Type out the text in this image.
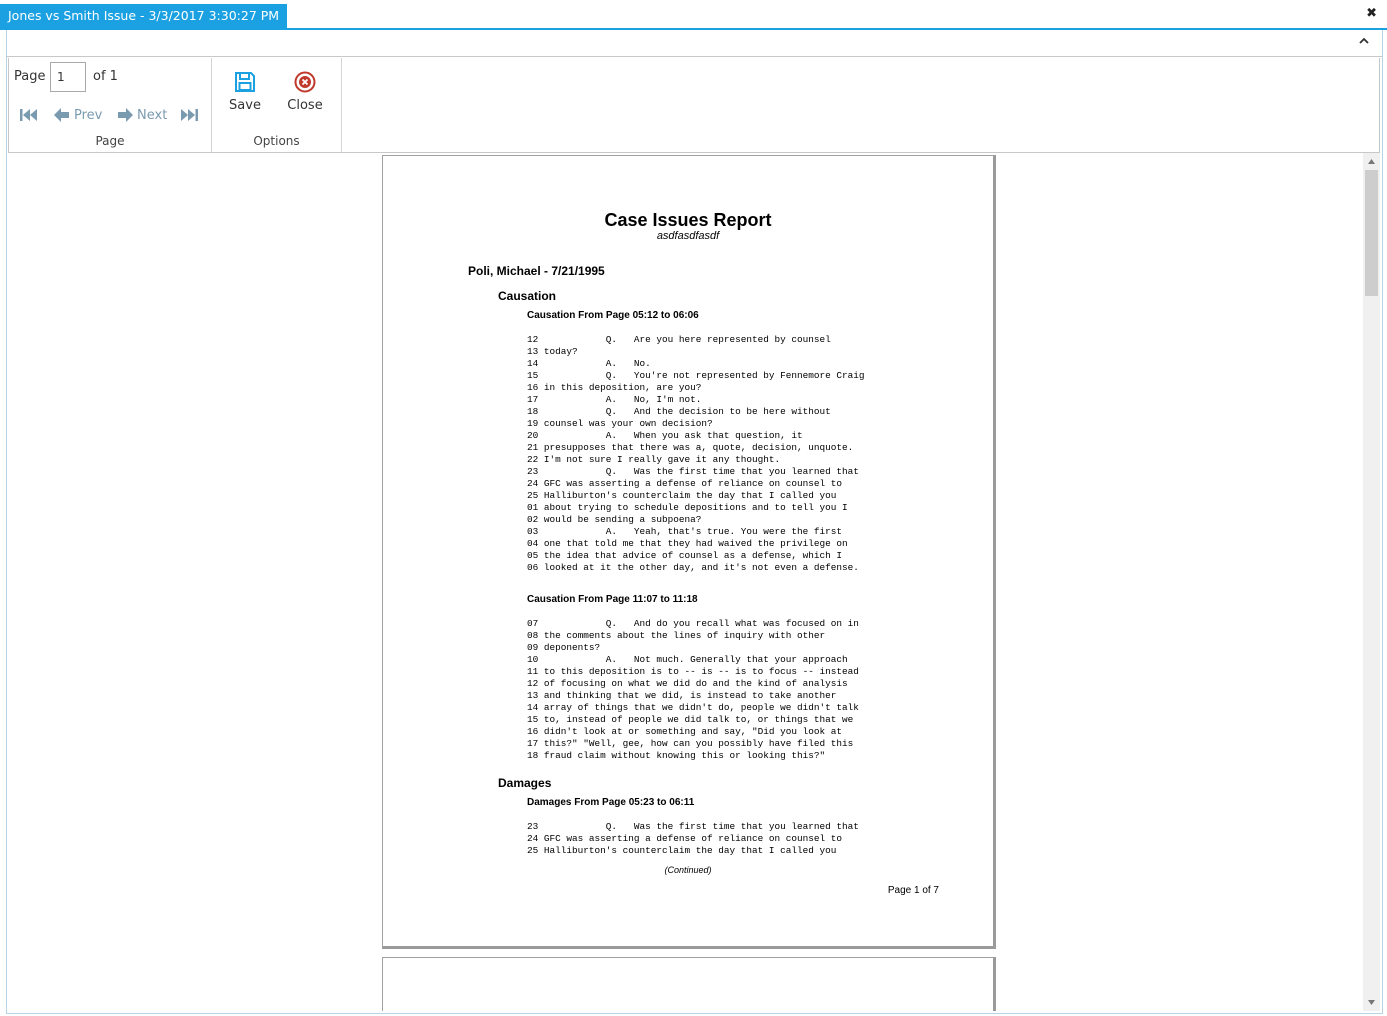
Jones vs Smith Issue - 3/3/2017 3:30:27 PM	✖
Page
1	of 1
Prev	Next
Page
Save	Close
Options
Case Issues Report
asdfasdfasdf
Poli, Michael - 7/21/1995
Causation
Causation From Page 05:12 to 06:06
12            Q.   Are you here represented by counsel
13 today?
14            A.   No.
15            Q.   You're not represented by Fennemore Craig
16 in this deposition, are you?
17            A.   No, I'm not.
18            Q.   And the decision to be here without
19 counsel was your own decision?
20            A.   When you ask that question, it
21 presupposes that there was a, quote, decision, unquote.
22 I'm not sure I really gave it any thought.
23            Q.   Was the first time that you learned that
24 GFC was asserting a defense of reliance on counsel to
25 Halliburton's counterclaim the day that I called you
01 about trying to schedule depositions and to tell you I
02 would be sending a subpoena?
03            A.   Yeah, that's true. You were the first
04 one that told me that they had waived the privilege on
05 the idea that advice of counsel as a defense, which I
06 looked at it the other day, and it's not even a defense.
Causation From Page 11:07 to 11:18
07            Q.   And do you recall what was focused on in
08 the comments about the lines of inquiry with other
09 deponents?
10            A.   Not much. Generally that your approach
11 to this deposition is to -- is -- is to focus -- instead
12 of focusing on what we did do and the kind of analysis
13 and thinking that we did, is instead to take another
14 array of things that we didn't do, people we didn't talk
15 to, instead of people we did talk to, or things that we
16 didn't look at or something and say, "Did you look at
17 this?" "Well, gee, how can you possibly have filed this
18 fraud claim without knowing this or looking this?"
Damages
Damages From Page 05:23 to 06:11
23            Q.   Was the first time that you learned that
24 GFC was asserting a defense of reliance on counsel to
25 Halliburton's counterclaim the day that I called you
(Continued)
Page 1 of 7
